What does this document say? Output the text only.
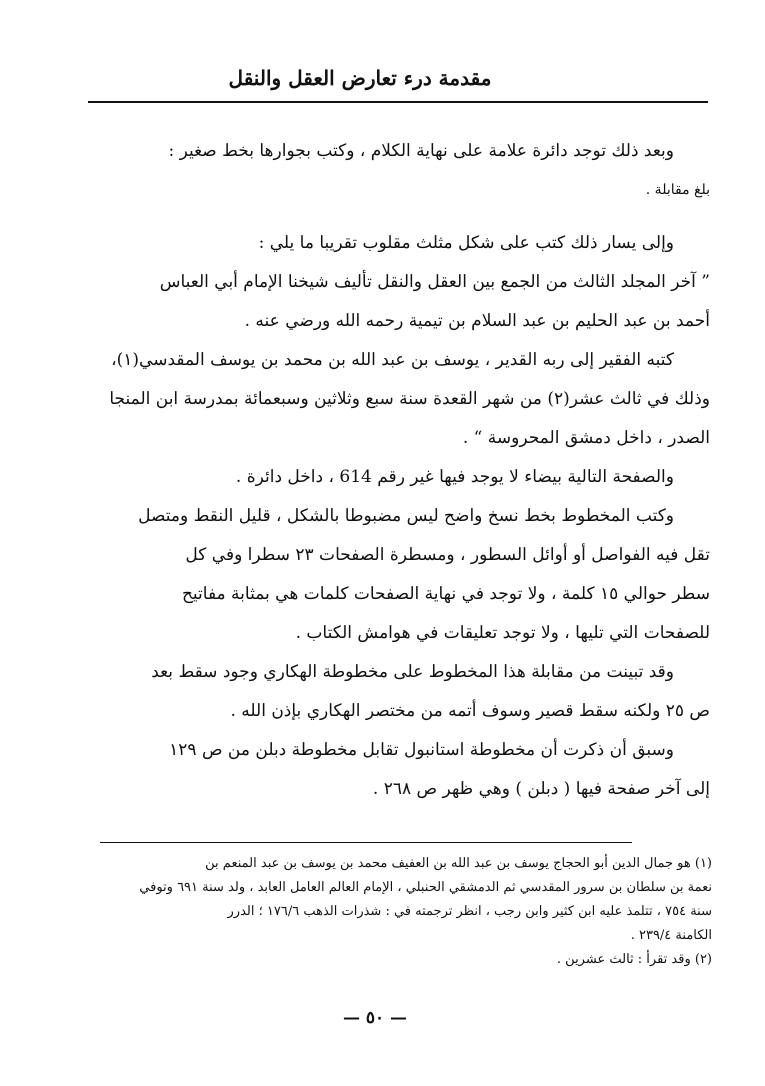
مقدمة درء تعارض العقل والنقل
وبعد ذلك توجد دائرة علامة على نهاية الكلام ، وكتب بجوارها بخط صغير :
بلغ مقابلة .
وإلى يسار ذلك كتب على شكل مثلث مقلوب تقريبا ما يلي :
” آخر المجلد الثالث من الجمع بين العقل والنقل تأليف شيخنا الإمام أبي العباس
أحمد بن عبد الحليم بن عبد السلام بن تيمية رحمه الله ورضي عنه .
كتبه الفقير إلى ربه القدير ، يوسف بن عبد الله بن محمد بن يوسف المقدسي(١)،
وذلك في ثالث عشر(٢) من شهر القعدة سنة سبع وثلاثين وسبعمائة بمدرسة ابن المنجا
الصدر ، داخل دمشق المحروسة “ .
والصفحة التالية بيضاء لا يوجد فيها غير رقم 614 ، داخل دائرة .
وكتب المخطوط بخط نسخ واضح ليس مضبوطا بالشكل ، قليل النقط ومتصل
تقل فيه الفواصل أو أوائل السطور ، ومسطرة الصفحات ٢٣ سطرا وفي كل
سطر حوالي ١٥ كلمة ، ولا توجد في نهاية الصفحات كلمات هي بمثابة مفاتيح
للصفحات التي تليها ، ولا توجد تعليقات في هوامش الكتاب .
وقد تبينت من مقابلة هذا المخطوط على مخطوطة الهكاري وجود سقط بعد
ص ٢٥ ولكنه سقط قصير وسوف أتمه من مختصر الهكاري بإذن الله .
وسبق أن ذكرت أن مخطوطة استانبول تقابل مخطوطة دبلن من ص ١٢٩
إلى آخر صفحة فيها ( دبلن ) وهي ظهر ص ٢٦٨ .
(١) هو جمال الدين أبو الحجاج يوسف بن عبد الله بن العفيف محمد بن يوسف بن عبد المنعم بن
نعمة بن سلطان بن سرور المقدسي ثم الدمشقي الحنبلي ، الإمام العالم العامل العابد ، ولد سنة ٦٩١ وتوفي
سنة ٧٥٤ ، تتلمذ عليه ابن كثير وابن رجب ، انظر ترجمته في : شذرات الذهب ١٧٦/٦ ؛ الدرر
الكامنة ٢٣٩/٤ .
(٢) وقد تقرأ : ثالث عشرين .
— ٥٠ —
